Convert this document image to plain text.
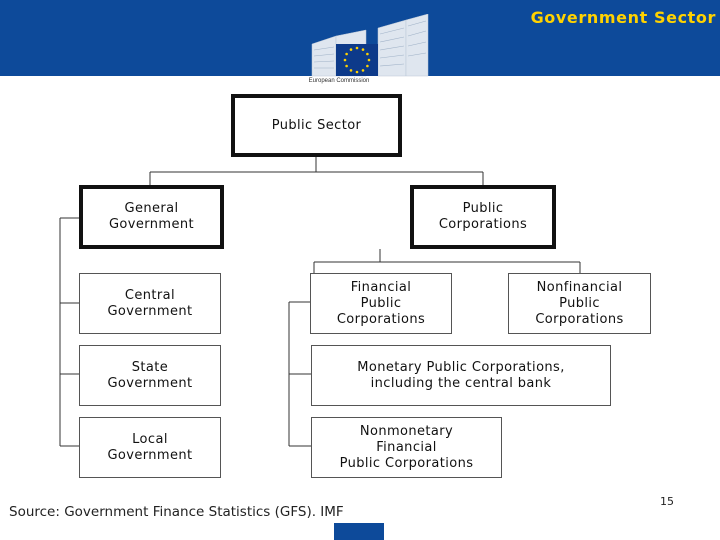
Government Sector
European Commission
Public Sector
General
Government
Public
Corporations
Central
Government
State
Government
Local
Government
Financial
Public
Corporations
Nonfinancial
Public
Corporations
Monetary Public Corporations,
including the central bank
Nonmonetary
Financial
Public Corporations
Source: Government Finance Statistics (GFS). IMF
15
